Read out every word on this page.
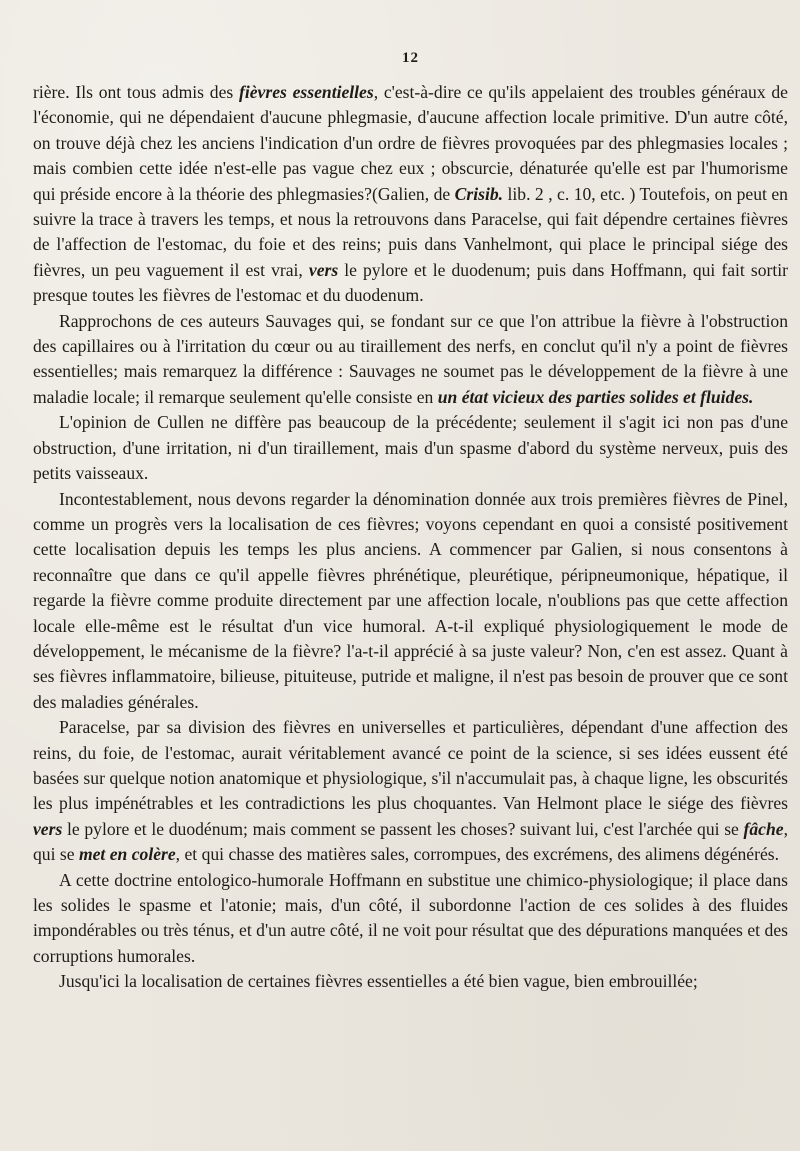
12

rière. Ils ont tous admis des fièvres essentielles, c'est-à-dire ce qu'ils appelaient des troubles généraux de l'économie, qui ne dépendaient d'aucune phlegmasie, d'aucune affection locale primitive. D'un autre côté, on trouve déjà chez les anciens l'indication d'un ordre de fièvres provoquées par des phlegmasies locales ; mais combien cette idée n'est-elle pas vague chez eux ; obscurcie, dénaturée qu'elle est par l'humorisme qui préside encore à la théorie des phlegmasies?(Galien, de Crisib. lib. 2 , c. 10, etc. ) Toutefois, on peut en suivre la trace à travers les temps, et nous la retrouvons dans Paracelse, qui fait dépendre certaines fièvres de l'affection de l'estomac, du foie et des reins; puis dans Vanhelmont, qui place le principal siége des fièvres, un peu vaguement il est vrai, vers le pylore et le duodenum; puis dans Hoffmann, qui fait sortir presque toutes les fièvres de l'estomac et du duodenum.

Rapprochons de ces auteurs Sauvages qui, se fondant sur ce que l'on attribue la fièvre à l'obstruction des capillaires ou à l'irritation du cœur ou au tiraillement des nerfs, en conclut qu'il n'y a point de fièvres essentielles; mais remarquez la différence : Sauvages ne soumet pas le développement de la fièvre à une maladie locale; il remarque seulement qu'elle consiste en un état vicieux des parties solides et fluides.

L'opinion de Cullen ne diffère pas beaucoup de la précédente; seulement il s'agit ici non pas d'une obstruction, d'une irritation, ni d'un tiraillement, mais d'un spasme d'abord du système nerveux, puis des petits vaisseaux.

Incontestablement, nous devons regarder la dénomination donnée aux trois premières fièvres de Pinel, comme un progrès vers la localisation de ces fièvres; voyons cependant en quoi a consisté positivement cette localisation depuis les temps les plus anciens. A commencer par Galien, si nous consentons à reconnaître que dans ce qu'il appelle fièvres phrénétique, pleurétique, péripneumonique, hépatique, il regarde la fièvre comme produite directement par une affection locale, n'oublions pas que cette affection locale elle-même est le résultat d'un vice humoral. A-t-il expliqué physiologiquement le mode de développement, le mécanisme de la fièvre? l'a-t-il apprécié à sa juste valeur? Non, c'en est assez. Quant à ses fièvres inflammatoire, bilieuse, pituiteuse, putride et maligne, il n'est pas besoin de prouver que ce sont des maladies générales.

Paracelse, par sa division des fièvres en universelles et particulières, dépendant d'une affection des reins, du foie, de l'estomac, aurait véritablement avancé ce point de la science, si ses idées eussent été basées sur quelque notion anatomique et physiologique, s'il n'accumulait pas, à chaque ligne, les obscurités les plus impénétrables et les contradictions les plus choquantes. Van Helmont place le siége des fièvres vers le pylore et le duodénum; mais comment se passent les choses? suivant lui, c'est l'archée qui se fâche, qui se met en colère, et qui chasse des matières sales, corrompues, des excrémens, des alimens dégénérés.

A cette doctrine entologico-humorale Hoffmann en substitue une chimico-physiologique; il place dans les solides le spasme et l'atonie; mais, d'un côté, il subordonne l'action de ces solides à des fluides impondérables ou très ténus, et d'un autre côté, il ne voit pour résultat que des dépurations manquées et des corruptions humorales.

Jusqu'ici la localisation de certaines fièvres essentielles a été bien vague, bien embrouillée;
